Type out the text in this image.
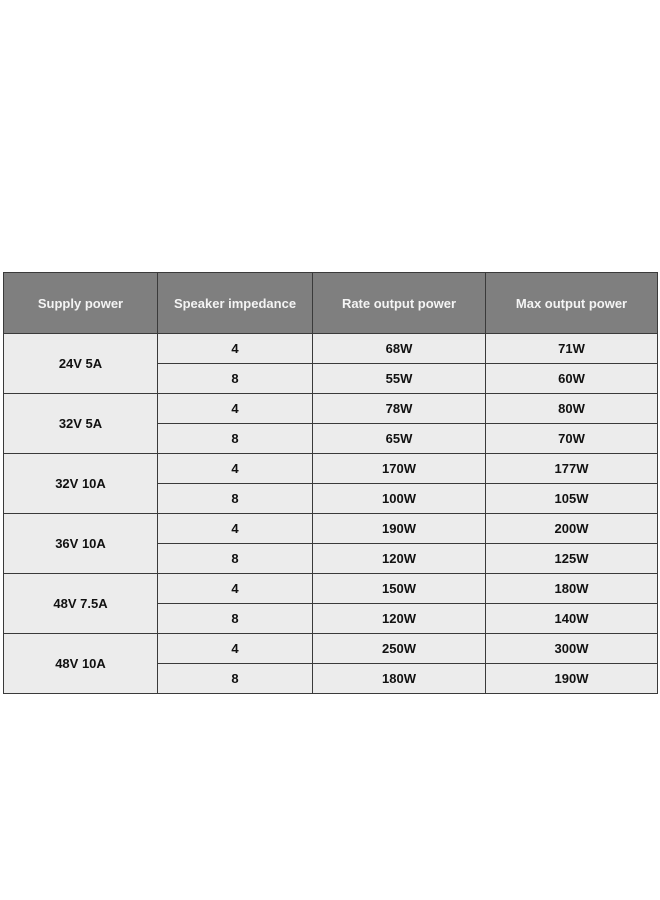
Supply power	Speaker impedance	Rate output power	Max output power
24V 5A	4	68W	71W
	8	55W	60W
32V 5A	4	78W	80W
	8	65W	70W
32V 10A	4	170W	177W
	8	100W	105W
36V 10A	4	190W	200W
	8	120W	125W
48V 7.5A	4	150W	180W
	8	120W	140W
48V 10A	4	250W	300W
	8	180W	190W
